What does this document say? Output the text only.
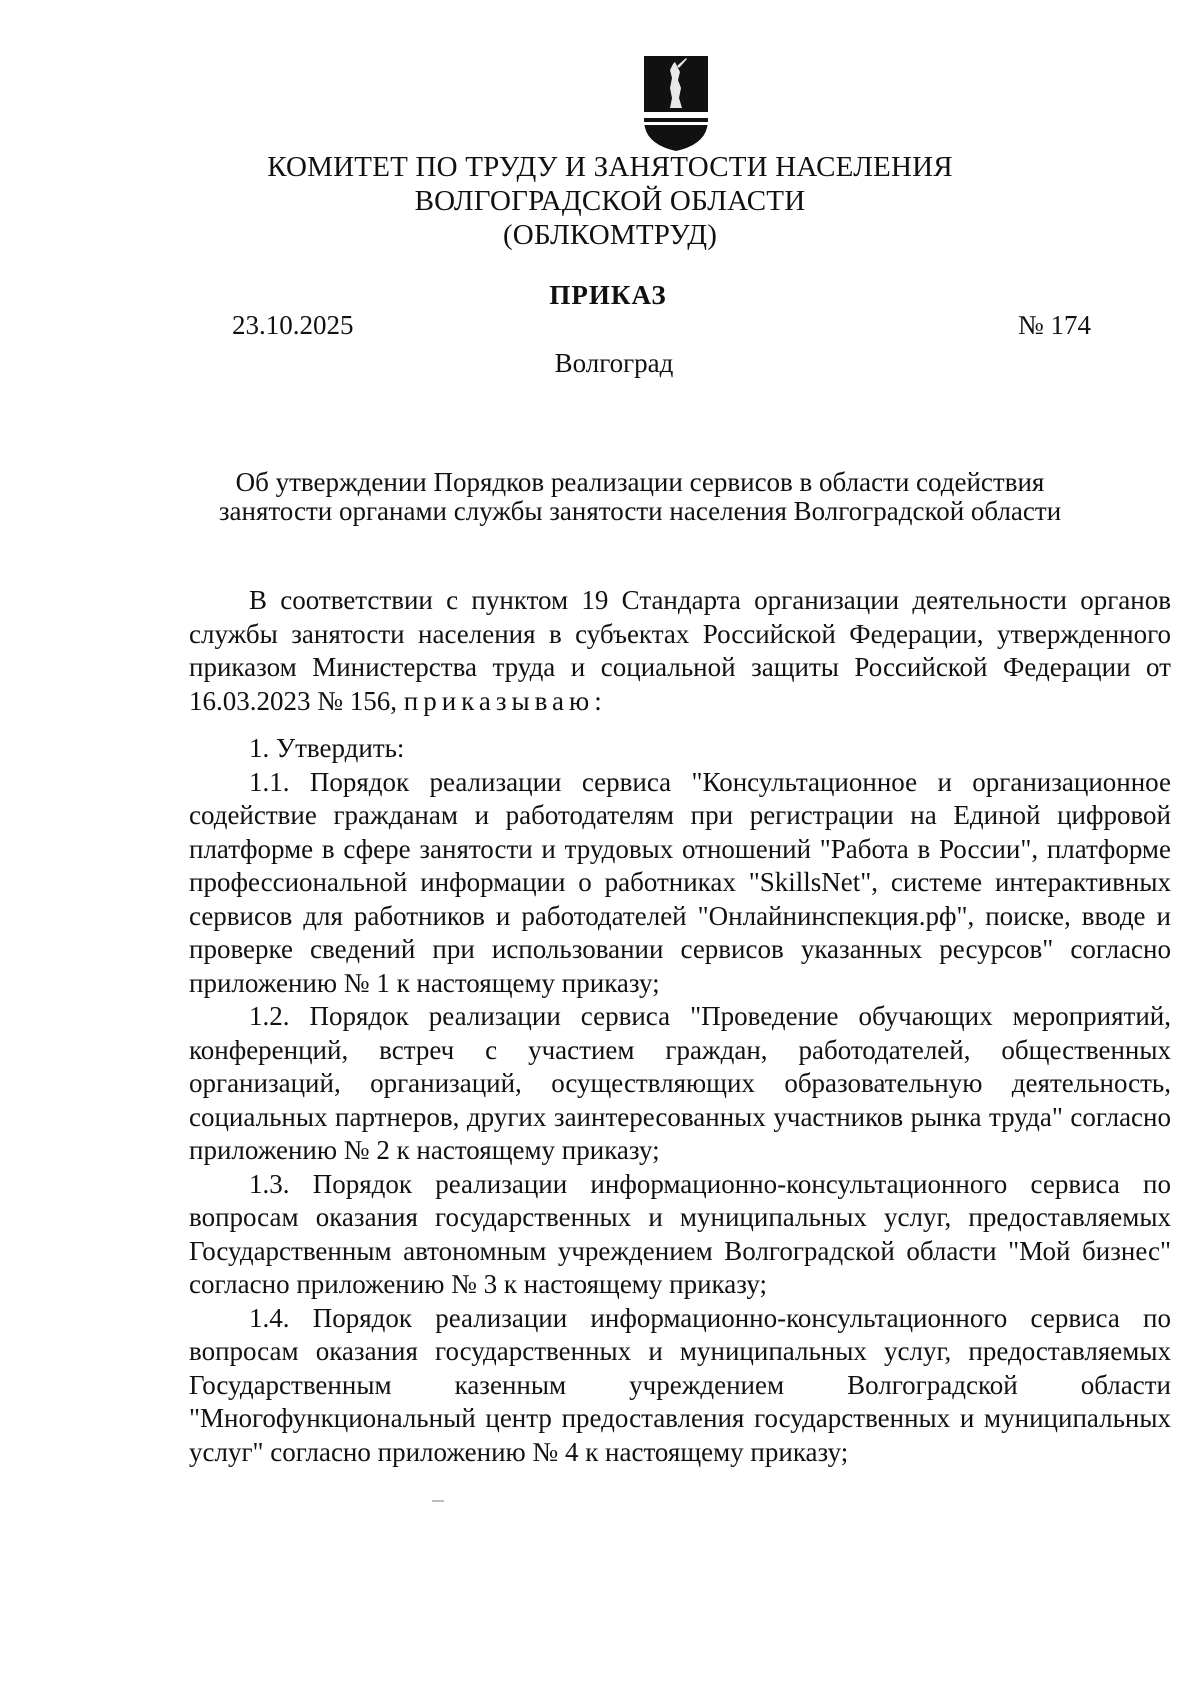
КОМИТЕТ ПО ТРУДУ И ЗАНЯТОСТИ НАСЕЛЕНИЯ
ВОЛГОГРАДСКОЙ ОБЛАСТИ
(ОБЛКОМТРУД)
ПРИКАЗ
23.10.2025	№ 174
Волгоград
Об утверждении Порядков реализации сервисов в области содействия
занятости органами службы занятости населения Волгоградской области

В соответствии с пунктом 19 Стандарта организации деятельности органов службы занятости населения в субъектах Российской Федерации, утвержденного приказом Министерства труда и социальной защиты Российской Федерации от 16.03.2023 № 156, приказываю:

1. Утвердить:

1.1. Порядок реализации сервиса "Консультационное и организационное содействие гражданам и работодателям при регистрации на Единой цифровой платформе в сфере занятости и трудовых отношений "Работа в России", платформе профессиональной информации о работниках "SkillsNet", системе интерактивных сервисов для работников и работодателей "Онлайнинспекция.рф", поиске, вводе и проверке сведений при использовании сервисов указанных ресурсов" согласно приложению № 1 к настоящему приказу;

1.2. Порядок реализации сервиса "Проведение обучающих мероприятий, конференций, встреч с участием граждан, работодателей, общественных организаций, организаций, осуществляющих образовательную деятельность, социальных партнеров, других заинтересованных участников рынка труда" согласно приложению № 2 к настоящему приказу;

1.3. Порядок реализации информационно-консультационного сервиса по вопросам оказания государственных и муниципальных услуг, предоставляемых Государственным автономным учреждением Волгоградской области "Мой бизнес" согласно приложению № 3 к настоящему приказу;

1.4. Порядок реализации информационно-консультационного сервиса по вопросам оказания государственных и муниципальных услуг, предоставляемых Государственным казенным учреждением Волгоградской области "Многофункциональный центр предоставления государственных и муниципальных услуг" согласно приложению № 4 к настоящему приказу;
